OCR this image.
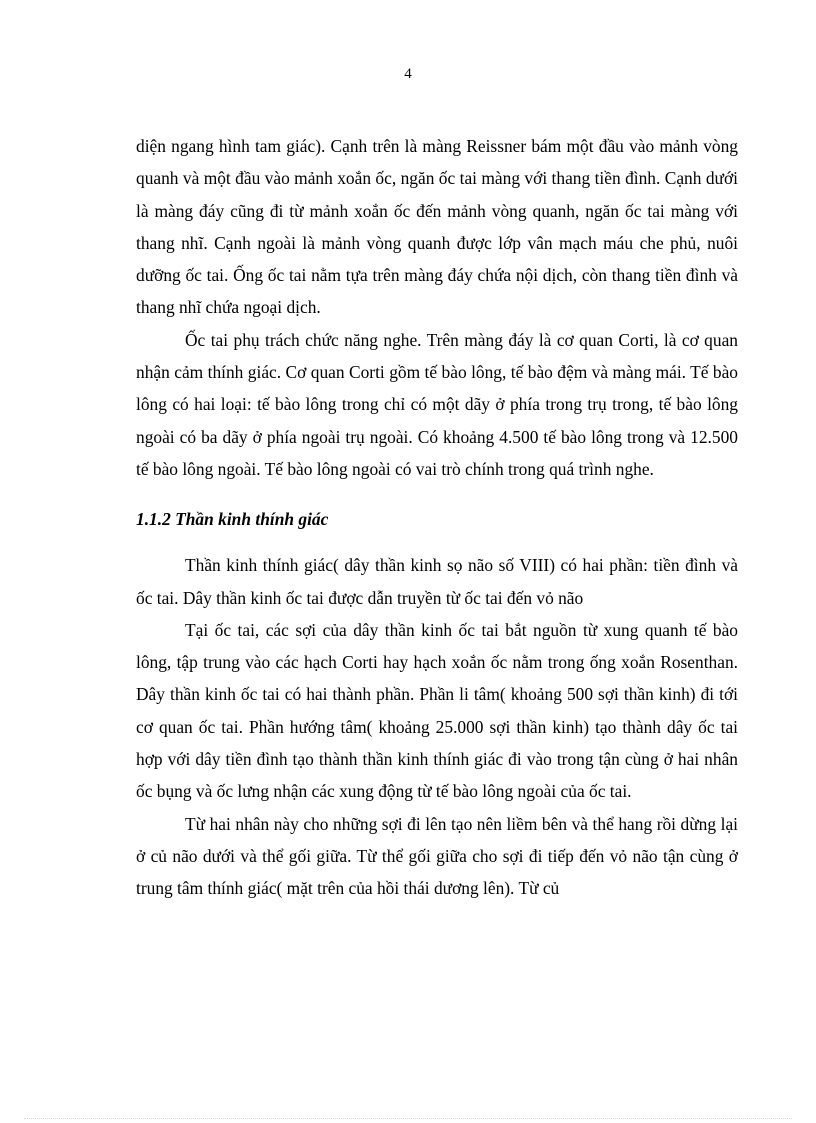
4

diện ngang hình tam giác). Cạnh trên là màng Reissner bám một đầu vào mảnh vòng quanh và một đầu vào mảnh xoắn ốc, ngăn ốc tai màng với thang tiền đình. Cạnh dưới là màng đáy cũng đi từ mảnh xoắn ốc đến mảnh vòng quanh, ngăn ốc tai màng với thang nhĩ. Cạnh ngoài là mảnh vòng quanh được lớp vân mạch máu che phủ, nuôi dưỡng ốc tai. Ống ốc tai nằm tựa trên màng đáy chứa nội dịch, còn thang tiền đình và thang nhĩ chứa ngoại dịch.

Ốc tai phụ trách chức năng nghe. Trên màng đáy là cơ quan Corti, là cơ quan nhận cảm thính giác. Cơ quan Corti gồm tế bào lông, tế bào đệm và màng mái. Tế bào lông có hai loại: tế bào lông trong chỉ có một dãy ở phía trong trụ trong, tế bào lông ngoài có ba dãy ở phía ngoài trụ ngoài. Có khoảng 4.500 tế bào lông trong và 12.500 tế bào lông ngoài. Tế bào lông ngoài có vai trò chính trong quá trình nghe.

1.1.2 Thần kinh thính giác

Thần kinh thính giác( dây thần kinh sọ não số VIII) có hai phần: tiền đình và ốc tai. Dây thần kinh ốc tai được dẫn truyền từ ốc tai đến vỏ não

Tại ốc tai, các sợi của dây thần kinh ốc tai bắt nguồn từ xung quanh tế bào lông, tập trung vào các hạch Corti hay hạch xoắn ốc nằm trong ống xoắn Rosenthan. Dây thần kinh ốc tai có hai thành phần. Phần li tâm( khoảng 500 sợi thần kinh) đi tới cơ quan ốc tai. Phần hướng tâm( khoảng 25.000 sợi thần kinh) tạo thành dây ốc tai hợp với dây tiền đình tạo thành thần kinh thính giác đi vào trong tận cùng ở hai nhân ốc bụng và ốc lưng nhận các xung động từ tế bào lông ngoài của ốc tai.

Từ hai nhân này cho những sợi đi lên tạo nên liềm bên và thể hang rồi dừng lại ở củ não dưới và thể gối giữa. Từ thể gối giữa cho sợi đi tiếp đến vỏ não tận cùng ở trung tâm thính giác( mặt trên của hồi thái dương lên). Từ củ
